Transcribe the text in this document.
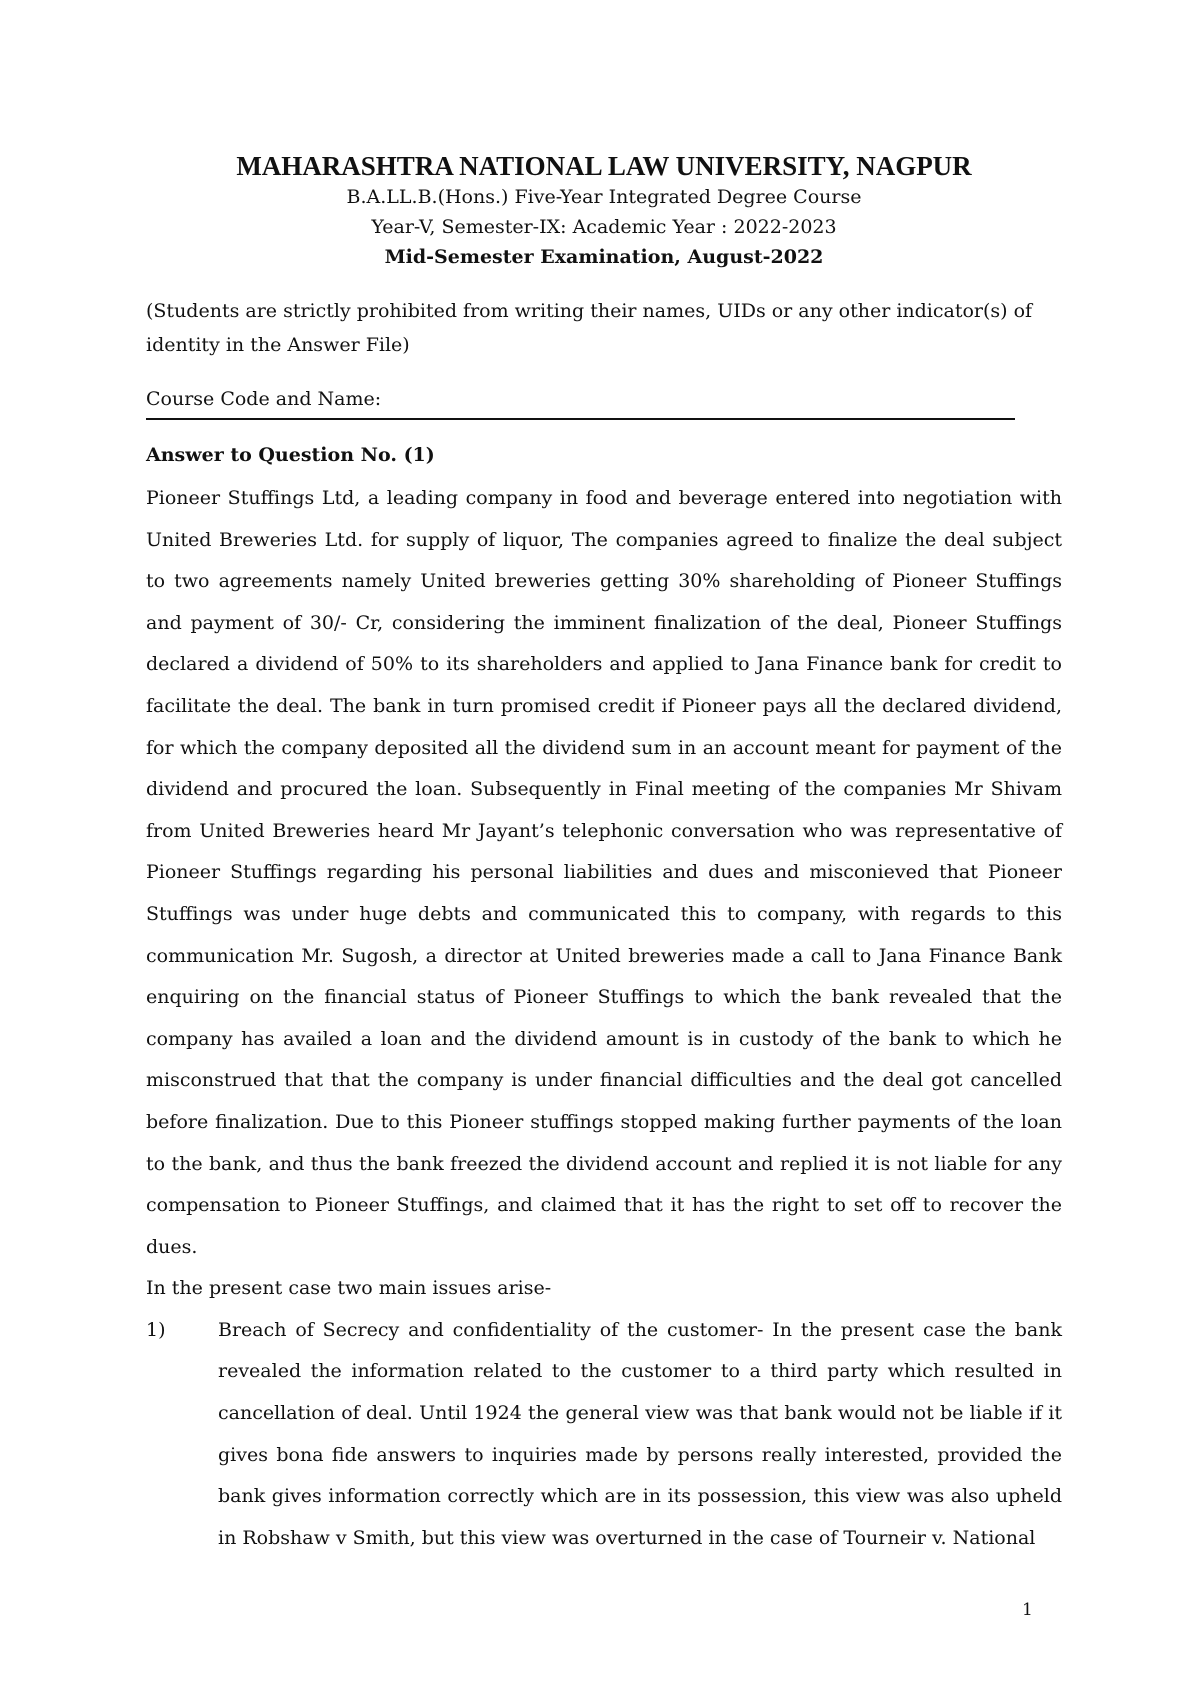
MAHARASHTRA NATIONAL LAW UNIVERSITY, NAGPUR
B.A.LL.B.(Hons.) Five-Year Integrated Degree Course
Year-V, Semester-IX: Academic Year : 2022-2023
Mid-Semester Examination, August-2022
(Students are strictly prohibited from writing their names, UIDs or any other indicator(s) of identity in the Answer File)
Course Code and Name:
Answer to Question No. (1)

Pioneer Stuffings Ltd, a leading company in food and beverage entered into negotiation with United Breweries Ltd. for supply of liquor, The companies agreed to finalize the deal subject to two agreements namely United breweries getting 30% shareholding of Pioneer Stuffings and payment of 30/- Cr, considering the imminent finalization of the deal, Pioneer Stuffings declared a dividend of 50% to its shareholders and applied to Jana Finance bank for credit to facilitate the deal. The bank in turn promised credit if Pioneer pays all the declared dividend, for which the company deposited all the dividend sum in an account meant for payment of the dividend and procured the loan. Subsequently in Final meeting of the companies Mr Shivam from United Breweries heard Mr Jayant’s telephonic conversation who was representative of Pioneer Stuffings regarding his personal liabilities and dues and misconieved that Pioneer Stuffings was under huge debts and communicated this to company, with regards to this communication Mr. Sugosh, a director at United breweries made a call to Jana Finance Bank enquiring on the financial status of Pioneer Stuffings to which the bank revealed that the company has availed a loan and the dividend amount is in custody of the bank to which he misconstrued that that the company is under financial difficulties and the deal got cancelled before finalization. Due to this Pioneer stuffings stopped making further payments of the loan to the bank, and thus the bank freezed the dividend account and replied it is not liable for any compensation to Pioneer Stuffings, and claimed that it has the right to set off to recover the dues.

In the present case two main issues arise-

1)	Breach of Secrecy and confidentiality of the customer- In the present case the bank revealed the information related to the customer to a third party which resulted in cancellation of deal. Until 1924 the general view was that bank would not be liable if it gives bona fide answers to inquiries made by persons really interested, provided the bank gives information correctly which are in its possession, this view was also upheld in Robshaw v Smith, but this view was overturned in the case of Tourneir v. National
1
